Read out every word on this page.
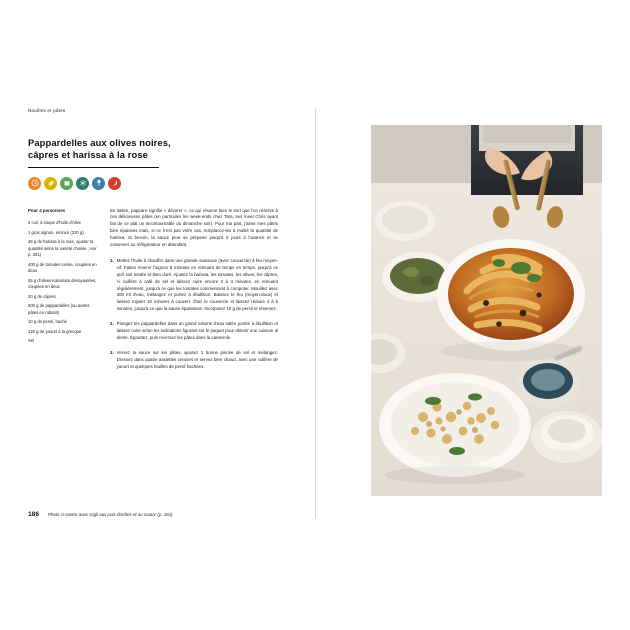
Nouilles et pâtes
Pappardelles aux olives noires,
câpres et harissa à la rose
Pour 4 personnes
2 cuil. à soupe d'huile d'olive
1 gros oignon, émincé (220 g)
45 g de harissa à la rose, ajuster la quantité selon la variété choisie ; voir p. 301)
400 g de tomates cerise, coupées en deux
55 g d'olives Kalamata dénoyautées, coupées en deux
20 g de câpres
500 g de pappardelles (ou autres pâtes en rubans)
10 g de persil, haché
120 g de yaourt à la grecque
Sel

En italien, pappare signifie « dévorer », ce qui résume bien le sort que l'on réserve à ces délicieuses pâtes (en particulier les week-ends chez Tara, ses meet Chris ayant fait de ce plat un incontournable du dimanche soir). Pour ma part, j'aime mes pâtes bien épaisses mais, si ce n'est pas votre cas, remplacez-les à moitié la quantité de harissa. Si besoin, la sauce peut se préparer jusqu'à 2 jours à l'avance et se conserver au réfrigérateur en attendant.

1. Mettez l'huile à chauffer dans une grande sauteuse (avec couvercle) à feu moyen-vif. Faites revenir l'oignon 8 minutes en remuant de temps en temps, jusqu'à ce qu'il soit tendre et bien doré. Ajoutez la harissa, les tomates, les olives, les câpres, ½ cuillère à café de sel et laissez cuire encore 3 à 4 minutes, en remuant régulièrement, jusqu'à ce que les tomates commencent à compoter. Mouillez avec 300 ml d'eau, mélangez et portez à ébullition. Baissez le feu (moyen-doux) et laissez mijoter 10 minutes à couvert. Ôtez le couvercle et laissez réduire 4 à 5 minutes, jusqu'à ce que la sauce épaississe. Incorporez 10 g de persil et réservez.
2. Plongez les pappardelles dans un grand volume d'eau salée portée à ébullition et laissez cuire selon les indications figurant sur le paquet pour obtenir une cuisson al dente. Égouttez, puis reversez les pâtes dans la casserole.
3. Versez la sauce sur les pâtes, ajoutez 1 bonne pincée de sel et mélangez. Dressez dans quatre assiettes creuses et servez bien chaud, avec une cuillère de yaourt et quelques feuilles de persil hachées.
186 Photo ci-contre avec Gigli aux pois chiches et au zaatar (p. 191)
